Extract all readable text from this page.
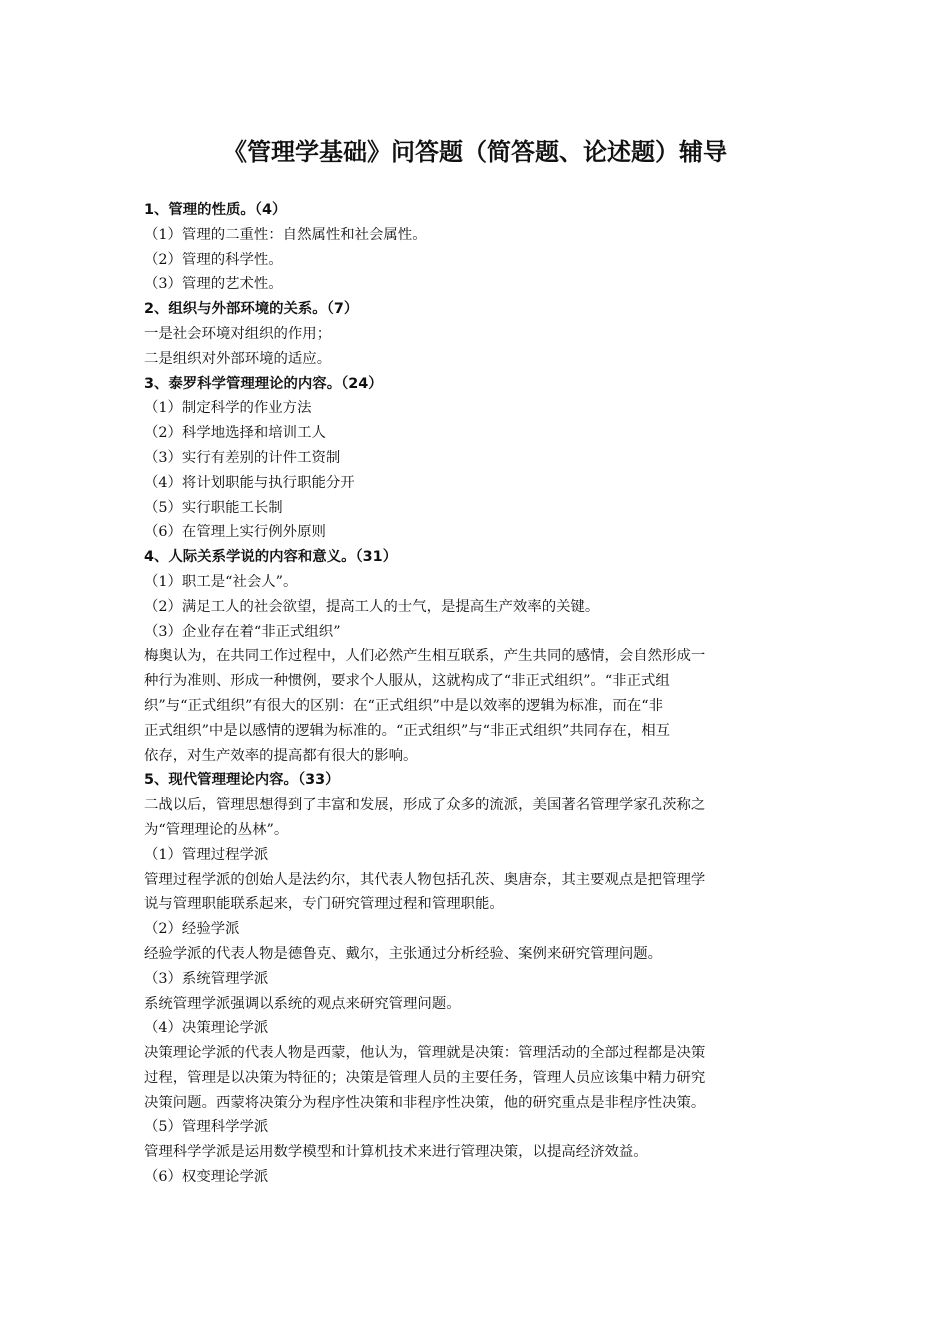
《管理学基础》问答题（简答题、论述题）辅导
1、管理的性质。（4）
（1）管理的二重性：自然属性和社会属性。
（2）管理的科学性。
（3）管理的艺术性。
2、组织与外部环境的关系。（7）
一是社会环境对组织的作用；
二是组织对外部环境的适应。
3、泰罗科学管理理论的内容。（24）
（1）制定科学的作业方法
（2）科学地选择和培训工人
（3）实行有差别的计件工资制
（4）将计划职能与执行职能分开
（5）实行职能工长制
（6）在管理上实行例外原则
4、人际关系学说的内容和意义。（31）
（1）职工是“社会人”。
（2）满足工人的社会欲望，提高工人的士气，是提高生产效率的关键。
（3）企业存在着“非正式组织”
梅奥认为，在共同工作过程中，人们必然产生相互联系，产生共同的感情，会自然形成一
种行为准则、形成一种惯例，要求个人服从，这就构成了“非正式组织”。“非正式组
织”与“正式组织”有很大的区别：在“正式组织”中是以效率的逻辑为标准，而在“非
正式组织”中是以感情的逻辑为标准的。“正式组织”与“非正式组织”共同存在，相互
依存，对生产效率的提高都有很大的影响。
5、现代管理理论内容。（33）
二战以后，管理思想得到了丰富和发展，形成了众多的流派，美国著名管理学家孔茨称之
为“管理理论的丛林”。
（1）管理过程学派
管理过程学派的创始人是法约尔，其代表人物包括孔茨、奥唐奈，其主要观点是把管理学
说与管理职能联系起来，专门研究管理过程和管理职能。
（2）经验学派
经验学派的代表人物是德鲁克、戴尔，主张通过分析经验、案例来研究管理问题。
（3）系统管理学派
系统管理学派强调以系统的观点来研究管理问题。
（4）决策理论学派
决策理论学派的代表人物是西蒙，他认为，管理就是决策：管理活动的全部过程都是决策
过程，管理是以决策为特征的；决策是管理人员的主要任务，管理人员应该集中精力研究
决策问题。西蒙将决策分为程序性决策和非程序性决策，他的研究重点是非程序性决策。
（5）管理科学学派
管理科学学派是运用数学模型和计算机技术来进行管理决策，以提高经济效益。
（6）权变理论学派
